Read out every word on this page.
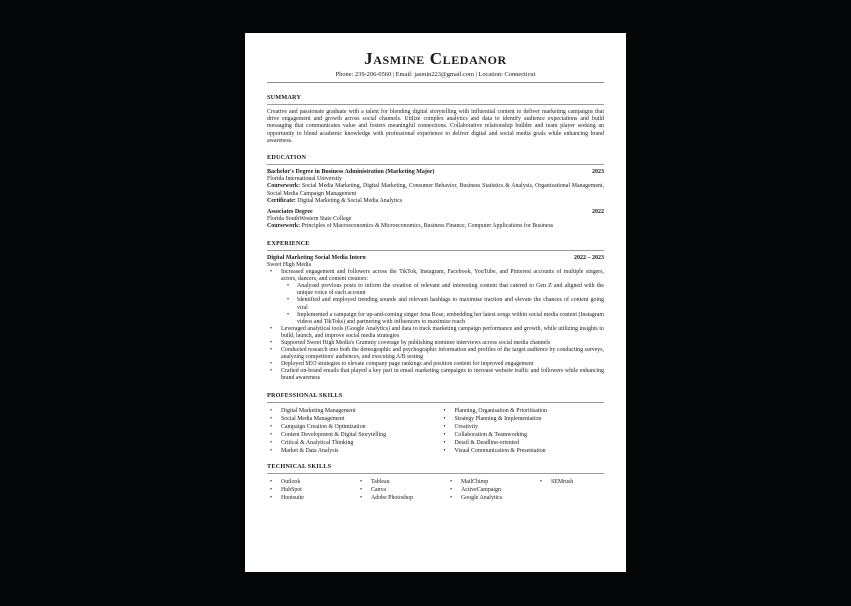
Jasmine Cledanor
Phone: 239-206-0560 | Email: jasmin223@gmail.com | Location: Connecticut
SUMMARY
Creative and passionate graduate with a talent for blending digital storytelling with influential content to deliver marketing campaigns that drive engagement and growth across social channels. Utilize complex analytics and data to identify audience expectations and build messaging that communicates value and fosters meaningful connections. Collaborative relationship builder and team player seeking an opportunity to blend academic knowledge with professional experience to deliver digital and social media goals while enhancing brand awareness.
EDUCATION
Bachelor's Degree in Business Administration (Marketing Major)	2023
Florida International University
Coursework: Social Media Marketing, Digital Marketing, Consumer Behavior, Business Statistics & Analysis, Organizational Management, Social Media Campaign Management
Certificate: Digital Marketing & Social Media Analytics
Associates Degree	2022
Florida SouthWestern State College
Coursework: Principles of Macroeconomics & Microeconomics, Business Finance, Computer Applications for Business
EXPERIENCE
Digital Marketing Social Media Intern	2022 – 2023
Sweet High Media
• Increased engagement and followers across the TikTok, Instagram, Facebook, YouTube, and Pinterest accounts of multiple singers, actors, dancers, and content creators:
• Analysed previous posts to inform the creation of relevant and interesting content that catered to Gen Z and aligned with the unique voice of each account
• Identified and employed trending sounds and relevant hashtags to maximise traction and elevate the chances of content going viral
• Implemented a campaign for up-and-coming singer Jena Rose, embedding her latest songs within social media content (Instagram videos and TikToks) and partnering with influencers to maximise reach
• Leveraged analytical tools (Google Analytics) and data to track marketing campaign performance and growth, while utilizing insights to build, launch, and improve social media strategies
• Supported Sweet High Media's Grammy coverage by publishing nominee interviews across social media channels
• Conducted research into both the demographic and psychographic information and profiles of the target audience by conducting surveys, analyzing competitors' audiences, and executing A/B testing
• Deployed SEO strategies to elevate company page rankings and position content for improved engagement
• Crafted on-brand emails that played a key part in email marketing campaigns to increase website traffic and followers while enhancing brand awareness
PROFESSIONAL SKILLS
• Digital Marketing Management
• Social Media Management
• Campaign Creation & Optimization
• Content Development & Digital Storytelling
• Critical & Analytical Thinking
• Market & Data Analysis
• Planning, Organisation & Prioritisation
• Strategy Planning & Implementation
• Creativity
• Collaboration & Teamworking
• Detail & Deadline-oriented
• Visual Communication & Presentation
TECHNICAL SKILLS
• Outlook
• HubSpot
• Hootsuite
• Tableau
• Canva
• Adobe Photoshop
• MailChimp
• ActiveCampaign
• Google Analytics
• SEMrush
